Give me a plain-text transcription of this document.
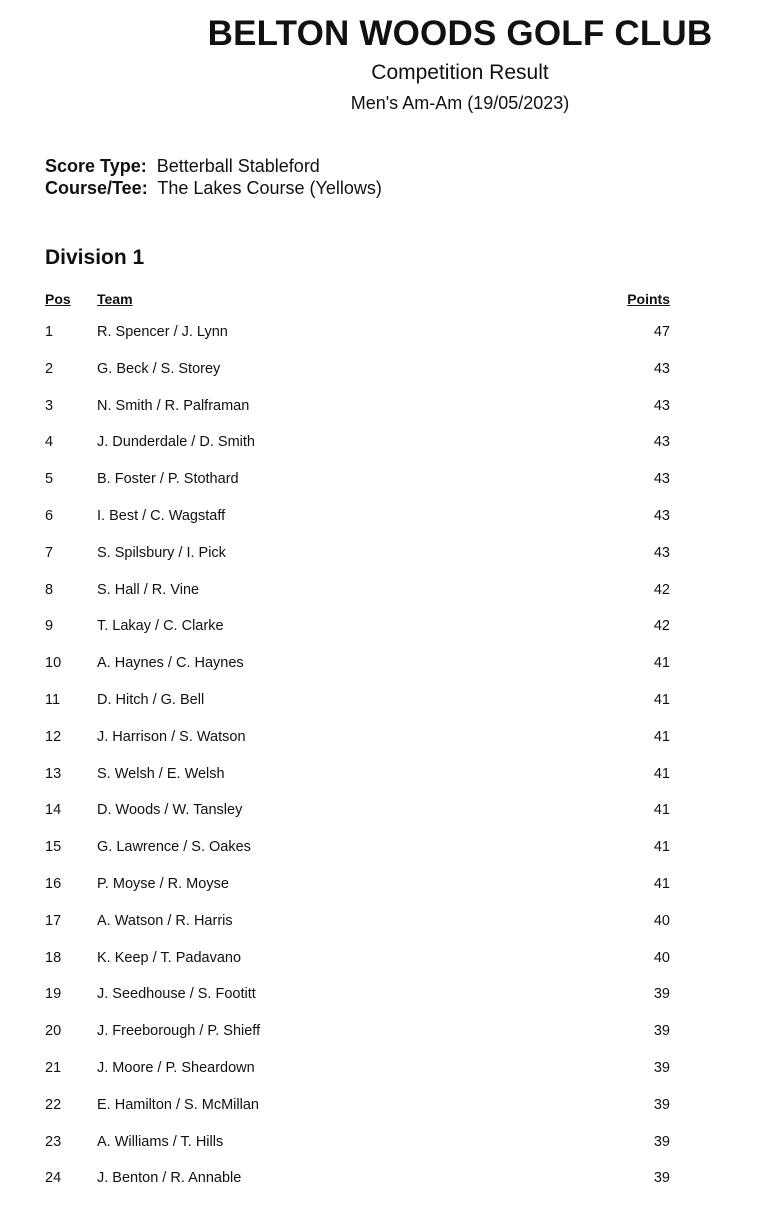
BELTON WOODS GOLF CLUB
Competition Result
Men's Am-Am (19/05/2023)
Score Type: Betterball Stableford
Course/Tee: The Lakes Course (Yellows)
Division 1
Pos Team	Points
1	R. Spencer / J. Lynn	47
2	G. Beck / S. Storey	43
3	N. Smith / R. Palframan	43
4	J. Dunderdale / D. Smith	43
5	B. Foster / P. Stothard	43
6	I. Best / C. Wagstaff	43
7	S. Spilsbury / I. Pick	43
8	S. Hall / R. Vine	42
9	T. Lakay / C. Clarke	42
10 A. Haynes / C. Haynes	41
11	D. Hitch / G. Bell	41
12 J. Harrison / S. Watson	41
13 S. Welsh / E. Welsh	41
14 D. Woods / W. Tansley	41
15 G. Lawrence / S. Oakes	41
16 P. Moyse / R. Moyse	41
17 A. Watson / R. Harris	40
18 K. Keep / T. Padavano	40
19 J. Seedhouse / S. Footitt	39
20 J. Freeborough / P. Shieff	39
21 J. Moore / P. Sheardown	39
22 E. Hamilton / S. McMillan	39
23 A. Williams / T. Hills	39
24 J. Benton / R. Annable	39
